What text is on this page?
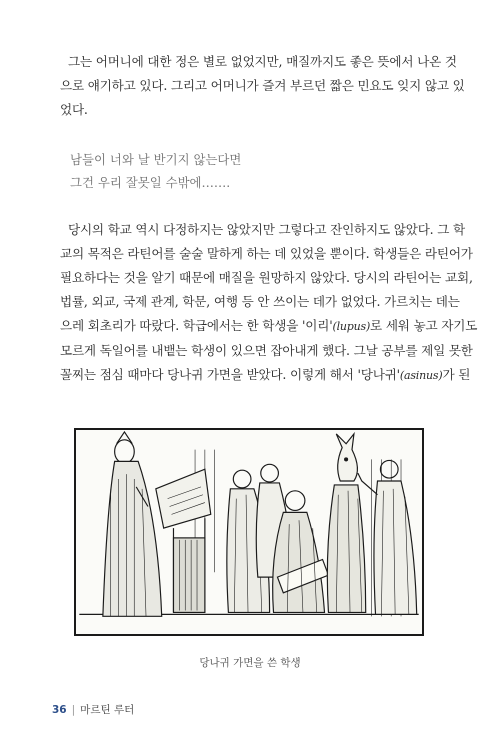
그는 어머니에 대한 정은 별로 없었지만, 매질까지도 좋은 뜻에서 나온 것
으로 얘기하고 있다. 그리고 어머니가 즐겨 부르던 짧은 민요도 잊지 않고 있
었다.

남들이 너와 날 반기지 않는다면
그건 우리 잘못일 수밖에…….

당시의 학교 역시 다정하지는 않았지만 그렇다고 잔인하지도 않았다. 그 학
교의 목적은 라틴어를 술술 말하게 하는 데 있었을 뿐이다. 학생들은 라틴어가
필요하다는 것을 알기 때문에 매질을 원망하지 않았다. 당시의 라틴어는 교회,
법률, 외교, 국제 관계, 학문, 여행 등 안 쓰이는 데가 없었다. 가르치는 데는
으레 회초리가 따랐다. 학급에서는 한 학생을 '이리'(lupus)로 세워 놓고 자기도
모르게 독일어를 내뱉는 학생이 있으면 잡아내게 했다. 그날 공부를 제일 못한
꼴찌는 점심 때마다 당나귀 가면을 받았다. 이렇게 해서 '당나귀'(asinus)가 된

당나귀 가면을 쓴 학생
36 | 마르틴 루터
